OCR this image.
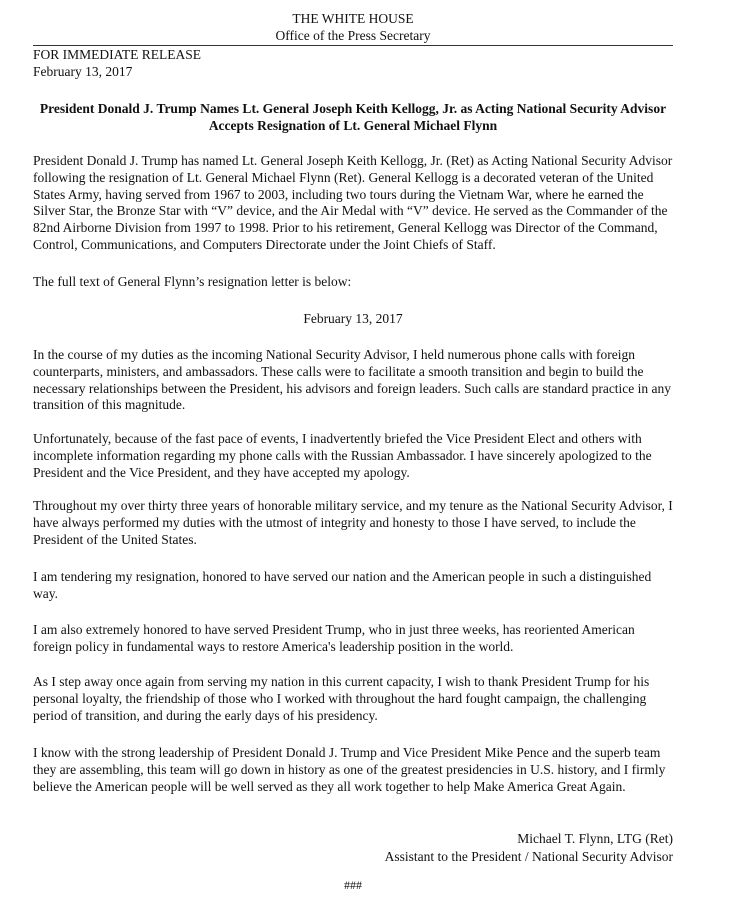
THE WHITE HOUSE
Office of the Press Secretary
FOR IMMEDIATE RELEASE
February 13, 2017
President Donald J. Trump Names Lt. General Joseph Keith Kellogg, Jr. as Acting National Security Advisor
Accepts Resignation of Lt. General Michael Flynn

President Donald J. Trump has named Lt. General Joseph Keith Kellogg, Jr. (Ret) as Acting National Security Advisor following the resignation of Lt. General Michael Flynn (Ret). General Kellogg is a decorated veteran of the United States Army, having served from 1967 to 2003, including two tours during the Vietnam War, where he earned the Silver Star, the Bronze Star with “V” device, and the Air Medal with “V” device. He served as the Commander of the 82nd Airborne Division from 1997 to 1998. Prior to his retirement, General Kellogg was Director of the Command, Control, Communications, and Computers Directorate under the Joint Chiefs of Staff.

The full text of General Flynn’s resignation letter is below:

February 13, 2017

In the course of my duties as the incoming National Security Advisor, I held numerous phone calls with foreign counterparts, ministers, and ambassadors. These calls were to facilitate a smooth transition and begin to build the necessary relationships between the President, his advisors and foreign leaders. Such calls are standard practice in any transition of this magnitude.

Unfortunately, because of the fast pace of events, I inadvertently briefed the Vice President Elect and others with incomplete information regarding my phone calls with the Russian Ambassador. I have sincerely apologized to the President and the Vice President, and they have accepted my apology.

Throughout my over thirty three years of honorable military service, and my tenure as the National Security Advisor, I have always performed my duties with the utmost of integrity and honesty to those I have served, to include the President of the United States.

I am tendering my resignation, honored to have served our nation and the American people in such a distinguished way.

I am also extremely honored to have served President Trump, who in just three weeks, has reoriented American foreign policy in fundamental ways to restore America's leadership position in the world.

As I step away once again from serving my nation in this current capacity, I wish to thank President Trump for his personal loyalty, the friendship of those who I worked with throughout the hard fought campaign, the challenging period of transition, and during the early days of his presidency.

I know with the strong leadership of President Donald J. Trump and Vice President Mike Pence and the superb team they are assembling, this team will go down in history as one of the greatest presidencies in U.S. history, and I firmly believe the American people will be well served as they all work together to help Make America Great Again.

Michael T. Flynn, LTG (Ret)
Assistant to the President / National Security Advisor
###
